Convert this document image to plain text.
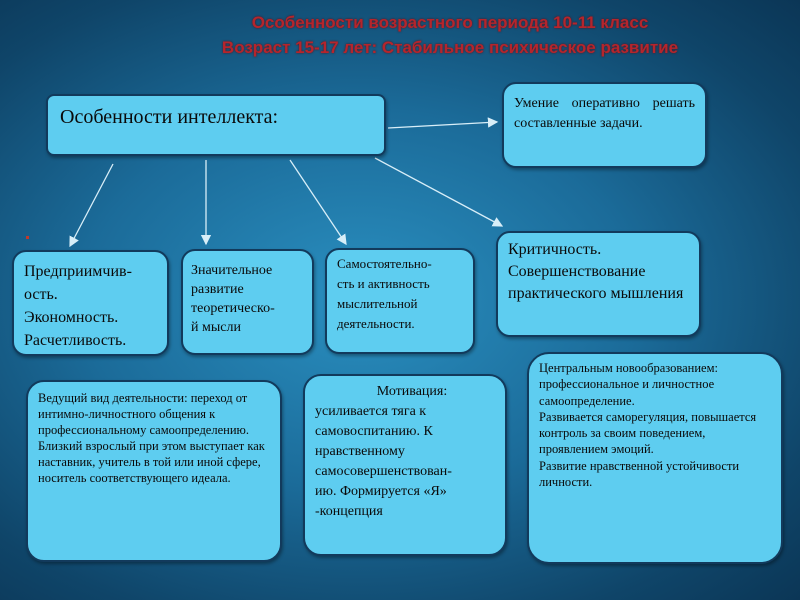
Особенности возрастного периода 10-11 класс
Возраст 15-17 лет: Стабильное психическое развитие
Особенности интеллекта:
Умение оперативно решать составленные задачи.
Критичность.
Совершенствование практического мышления
Предприимчив-
ость.
Экономность.
Расчетливость.
Значительное развитие теоретическо-
й мысли
Самостоятельно-
сть и активность мыслительной деятельности.
Ведущий вид деятельности: переход от интимно-личностного общения к профессиональному самоопределению.
Близкий взрослый при этом выступает как наставник, учитель в той или иной сфере, носитель соответствующего идеала.
Мотивация:
усиливается тяга к самовоспитанию. К нравственному самосовершенствован-
ию. Формируется «Я» -концепция
Центральным новообразованием: профессиональное и личностное самоопределение.
Развивается саморегуляция, повышается контроль за своим поведением, проявлением эмоций.
Развитие нравственной устойчивости личности.
